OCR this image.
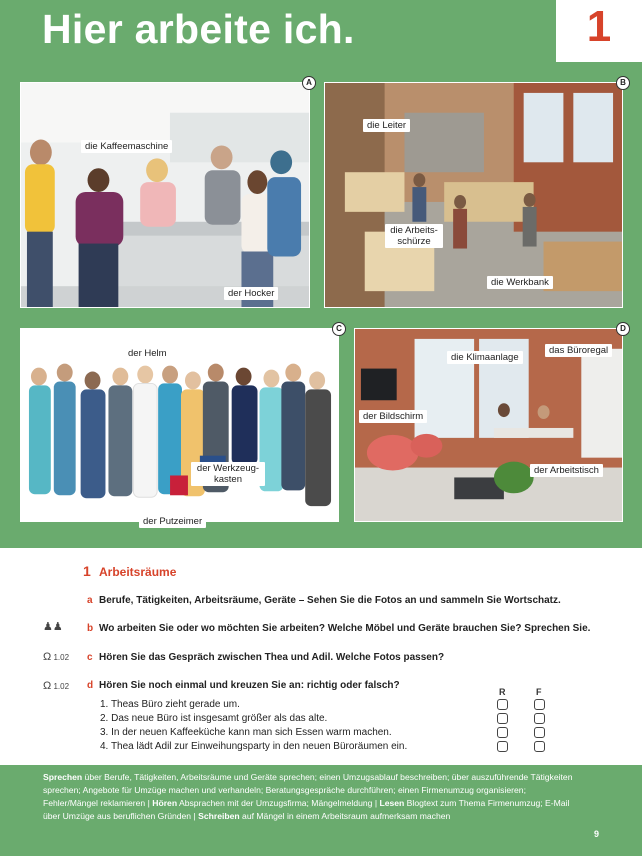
Hier arbeite ich.	1
A
die Kaffeemaschine
der Hocker
B
die Leiter
die Arbeits-
schürze
die Werkbank
C
der Helm
der Werkzeug-
kasten
der Putzeimer
D
die Klimaanlage
das Büroregal
der Bildschirm
der Arbeitstisch
1 Arbeitsräume
♟♟
Ω 1.02
Ω 1.02
a Berufe, Tätigkeiten, Arbeitsräume, Geräte – Sehen Sie die Fotos an und sammeln Sie Wortschatz.
b Wo arbeiten Sie oder wo möchten Sie arbeiten? Welche Möbel und Geräte brauchen Sie? Sprechen Sie.
c Hören Sie das Gespräch zwischen Thea und Adil. Welche Fotos passen?
d Hören Sie noch einmal und kreuzen Sie an: richtig oder falsch?
R	F
1. Theas Büro zieht gerade um.
2. Das neue Büro ist insgesamt größer als das alte.
3. In der neuen Kaffeeküche kann man sich Essen warm machen.
4. Thea lädt Adil zur Einweihungsparty in den neuen Büroräumen ein.
Sprechen über Berufe, Tätigkeiten, Arbeitsräume und Geräte sprechen; einen Umzugsablauf beschreiben; über auszuführende Tätigkeiten sprechen; Angebote für Umzüge machen und verhandeln; Beratungsgespräche durchführen; einen Firmenumzug organisieren; Fehler/Mängel reklamieren | Hören Absprachen mit der Umzugsfirma; Mängelmeldung | Lesen Blogtext zum Thema Firmenumzug; E-Mail über Umzüge aus beruflichen Gründen | Schreiben auf Mängel in einem Arbeitsraum aufmerksam machen
9
